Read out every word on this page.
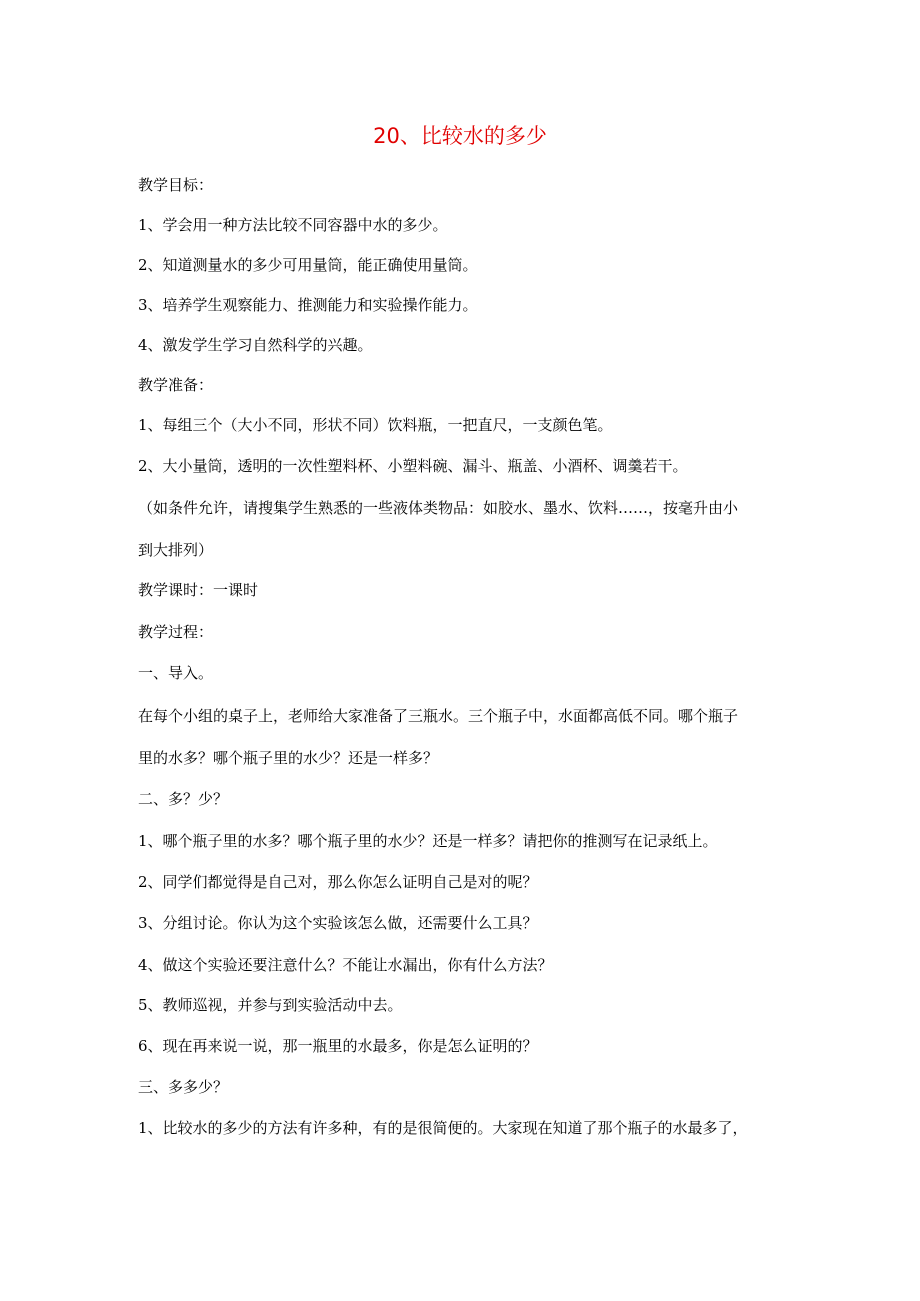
20、比较水的多少
教学目标：
1、学会用一种方法比较不同容器中水的多少。
2、知道测量水的多少可用量筒，能正确使用量筒。
3、培养学生观察能力、推测能力和实验操作能力。
4、激发学生学习自然科学的兴趣。
教学准备：
1、每组三个（大小不同，形状不同）饮料瓶，一把直尺，一支颜色笔。
2、大小量筒，透明的一次性塑料杯、小塑料碗、漏斗、瓶盖、小酒杯、调羹若干。
（如条件允许，请搜集学生熟悉的一些液体类物品：如胶水、墨水、饮料……，按毫升由小
到大排列）
教学课时：一课时
教学过程：
一、导入。
在每个小组的桌子上，老师给大家准备了三瓶水。三个瓶子中，水面都高低不同。哪个瓶子
里的水多？哪个瓶子里的水少？还是一样多？
二、多？少？
1、哪个瓶子里的水多？哪个瓶子里的水少？还是一样多？请把你的推测写在记录纸上。
2、同学们都觉得是自己对，那么你怎么证明自己是对的呢？
3、分组讨论。你认为这个实验该怎么做，还需要什么工具？
4、做这个实验还要注意什么？不能让水漏出，你有什么方法？
5、教师巡视，并参与到实验活动中去。
6、现在再来说一说，那一瓶里的水最多，你是怎么证明的？
三、多多少？
1、比较水的多少的方法有许多种，有的是很简便的。大家现在知道了那个瓶子的水最多了，
